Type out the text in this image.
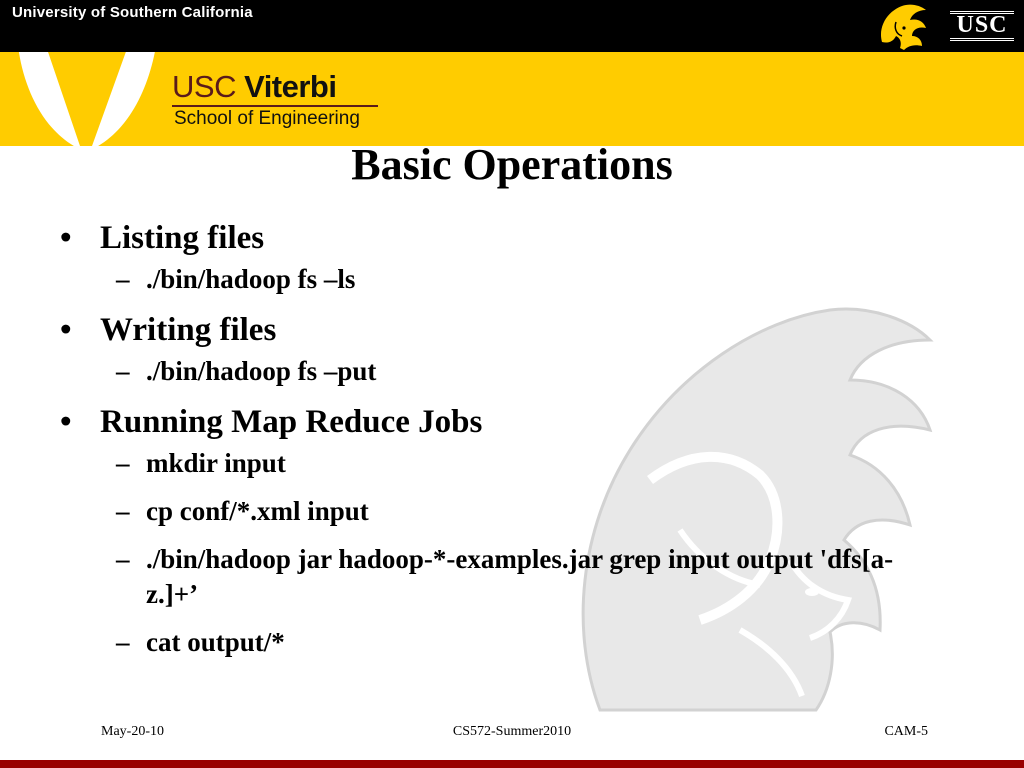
University of Southern California	USC
USC Viterbi
School of Engineering
Basic Operations
• Listing files
– ./bin/hadoop fs –ls
• Writing files
– ./bin/hadoop fs –put
• Running Map Reduce Jobs
– mkdir input
– cp conf/*.xml input
– ./bin/hadoop jar hadoop-*-examples.jar grep input output 'dfs[a-z.]+’
– cat output/*
May-20-10	CS572-Summer2010	CAM-5
